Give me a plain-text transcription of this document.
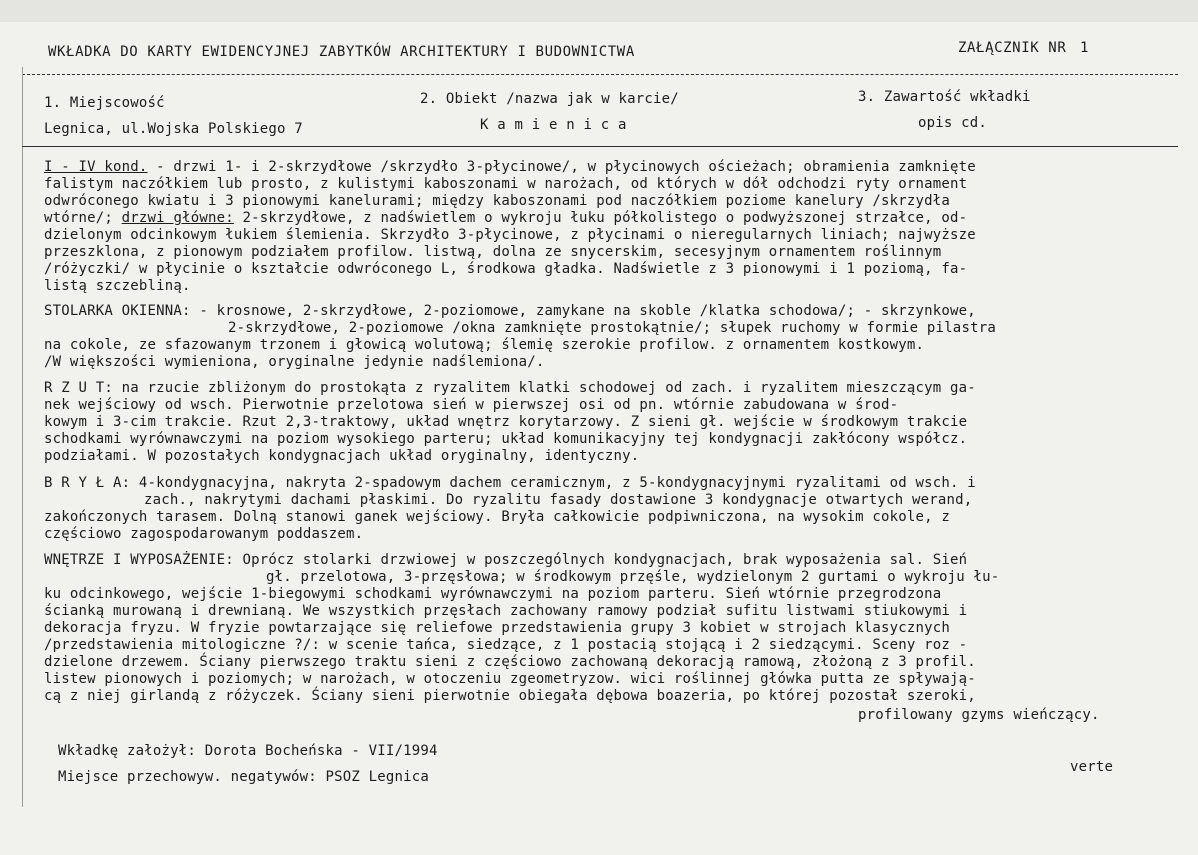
WKŁADKA DO KARTY EWIDENCYJNEJ ZABYTKÓW ARCHITEKTURY I BUDOWNICTWA	ZAŁĄCZNIK NR 1
1. Miejscowość
Legnica, ul.Wojska Polskiego 7
2. Obiekt /nazwa jak w karcie/
K a m i e n i c a
3. Zawartość wkładki
opis cd.
I - IV kond. - drzwi 1- i 2-skrzydłowe /skrzydło 3-płycinowe/, w płycinowych ościeżach; obramienia zamknięte
falistym naczółkiem lub prosto, z kulistymi kaboszonami w narożach, od których w dół odchodzi ryty ornament
odwróconego kwiatu i 3 pionowymi kanelurami; między kaboszonami pod naczółkiem poziome kanelury /skrzydła
wtórne/; drzwi główne: 2-skrzydłowe, z nadświetlem o wykroju łuku półkolistego o podwyższonej strzałce, od-
dzielonym odcinkowym łukiem ślemienia. Skrzydło 3-płycinowe, z płycinami o nieregularnych liniach; najwyższe
przeszklona, z pionowym podziałem profilow. listwą, dolna ze snycerskim, secesyjnym ornamentem roślinnym
/różyczki/ w płycinie o kształcie odwróconego L, środkowa gładka. Nadświetle z 3 pionowymi i 1 poziomą, fa-
listą szczebliną.
STOLARKA OKIENNA: - krosnowe, 2-skrzydłowe, 2-poziomowe, zamykane na skoble /klatka schodowa/; - skrzynkowe,
2-skrzydłowe, 2-poziomowe /okna zamknięte prostokątnie/; słupek ruchomy w formie pilastra
na cokole, ze sfazowanym trzonem i głowicą wolutową; ślemię szerokie profilow. z ornamentem kostkowym.
/W większości wymieniona, oryginalne jedynie nadślemiona/.
R Z U T: na rzucie zbliżonym do prostokąta z ryzalitem klatki schodowej od zach. i ryzalitem mieszczącym ga-
nek wejściowy od wsch. Pierwotnie przelotowa sień w pierwszej osi od pn. wtórnie zabudowana w środ-
kowym i 3-cim trakcie. Rzut 2,3-traktowy, układ wnętrz korytarzowy. Z sieni gł. wejście w środkowym trakcie
schodkami wyrównawczymi na poziom wysokiego parteru; układ komunikacyjny tej kondygnacji zakłócony współcz.
podziałami. W pozostałych kondygnacjach układ oryginalny, identyczny.
B R Y Ł A: 4-kondygnacyjna, nakryta 2-spadowym dachem ceramicznym, z 5-kondygnacyjnymi ryzalitami od wsch. i
zach., nakrytymi dachami płaskimi. Do ryzalitu fasady dostawione 3 kondygnacje otwartych werand,
zakończonych tarasem. Dolną stanowi ganek wejściowy. Bryła całkowicie podpiwniczona, na wysokim cokole, z
częściowo zagospodarowanym poddaszem.
WNĘTRZE I WYPOSAŻENIE: Oprócz stolarki drzwiowej w poszczególnych kondygnacjach, brak wyposażenia sal. Sień
gł. przelotowa, 3-przęsłowa; w środkowym przęśle, wydzielonym 2 gurtami o wykroju łu-
ku odcinkowego, wejście 1-biegowymi schodkami wyrównawczymi na poziom parteru. Sień wtórnie przegrodzona
ścianką murowaną i drewnianą. We wszystkich przęsłach zachowany ramowy podział sufitu listwami stiukowymi i
dekoracja fryzu. W fryzie powtarzające się reliefowe przedstawienia grupy 3 kobiet w strojach klasycznych
/przedstawienia mitologiczne ?/: w scenie tańca, siedzące, z 1 postacią stojącą i 2 siedzącymi. Sceny roz -
dzielone drzewem. Ściany pierwszego traktu sieni z częściowo zachowaną dekoracją ramową, złożoną z 3 profil.
listew pionowych i poziomych; w narożach, w otoczeniu zgeometryzow. wici roślinnej główka putta ze spływają-
cą z niej girlandą z różyczek. Ściany sieni pierwotnie obiegała dębowa boazeria, po której pozostał szeroki,
profilowany gzyms wieńczący.
Wkładkę założył: Dorota Bocheńska - VII/1994
Miejsce przechowyw. negatywów: PSOZ Legnica
verte
